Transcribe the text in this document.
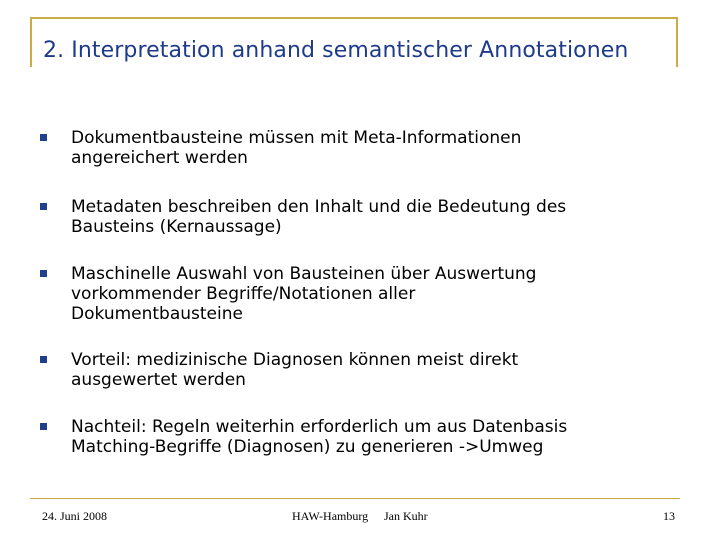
2. Interpretation anhand semantischer Annotationen
Dokumentbausteine müssen mit Meta-Informationen
angereichert werden
Metadaten beschreiben den Inhalt und die Bedeutung des
Bausteins (Kernaussage)
Maschinelle Auswahl von Bausteinen über Auswertung
vorkommender Begriffe/Notationen aller
Dokumentbausteine
Vorteil: medizinische Diagnosen können meist direkt
ausgewertet werden
Nachteil: Regeln weiterhin erforderlich um aus Datenbasis
Matching-Begriffe (Diagnosen) zu generieren ->Umweg
24. Juni 2008	HAW-Hamburg Jan Kuhr	13
